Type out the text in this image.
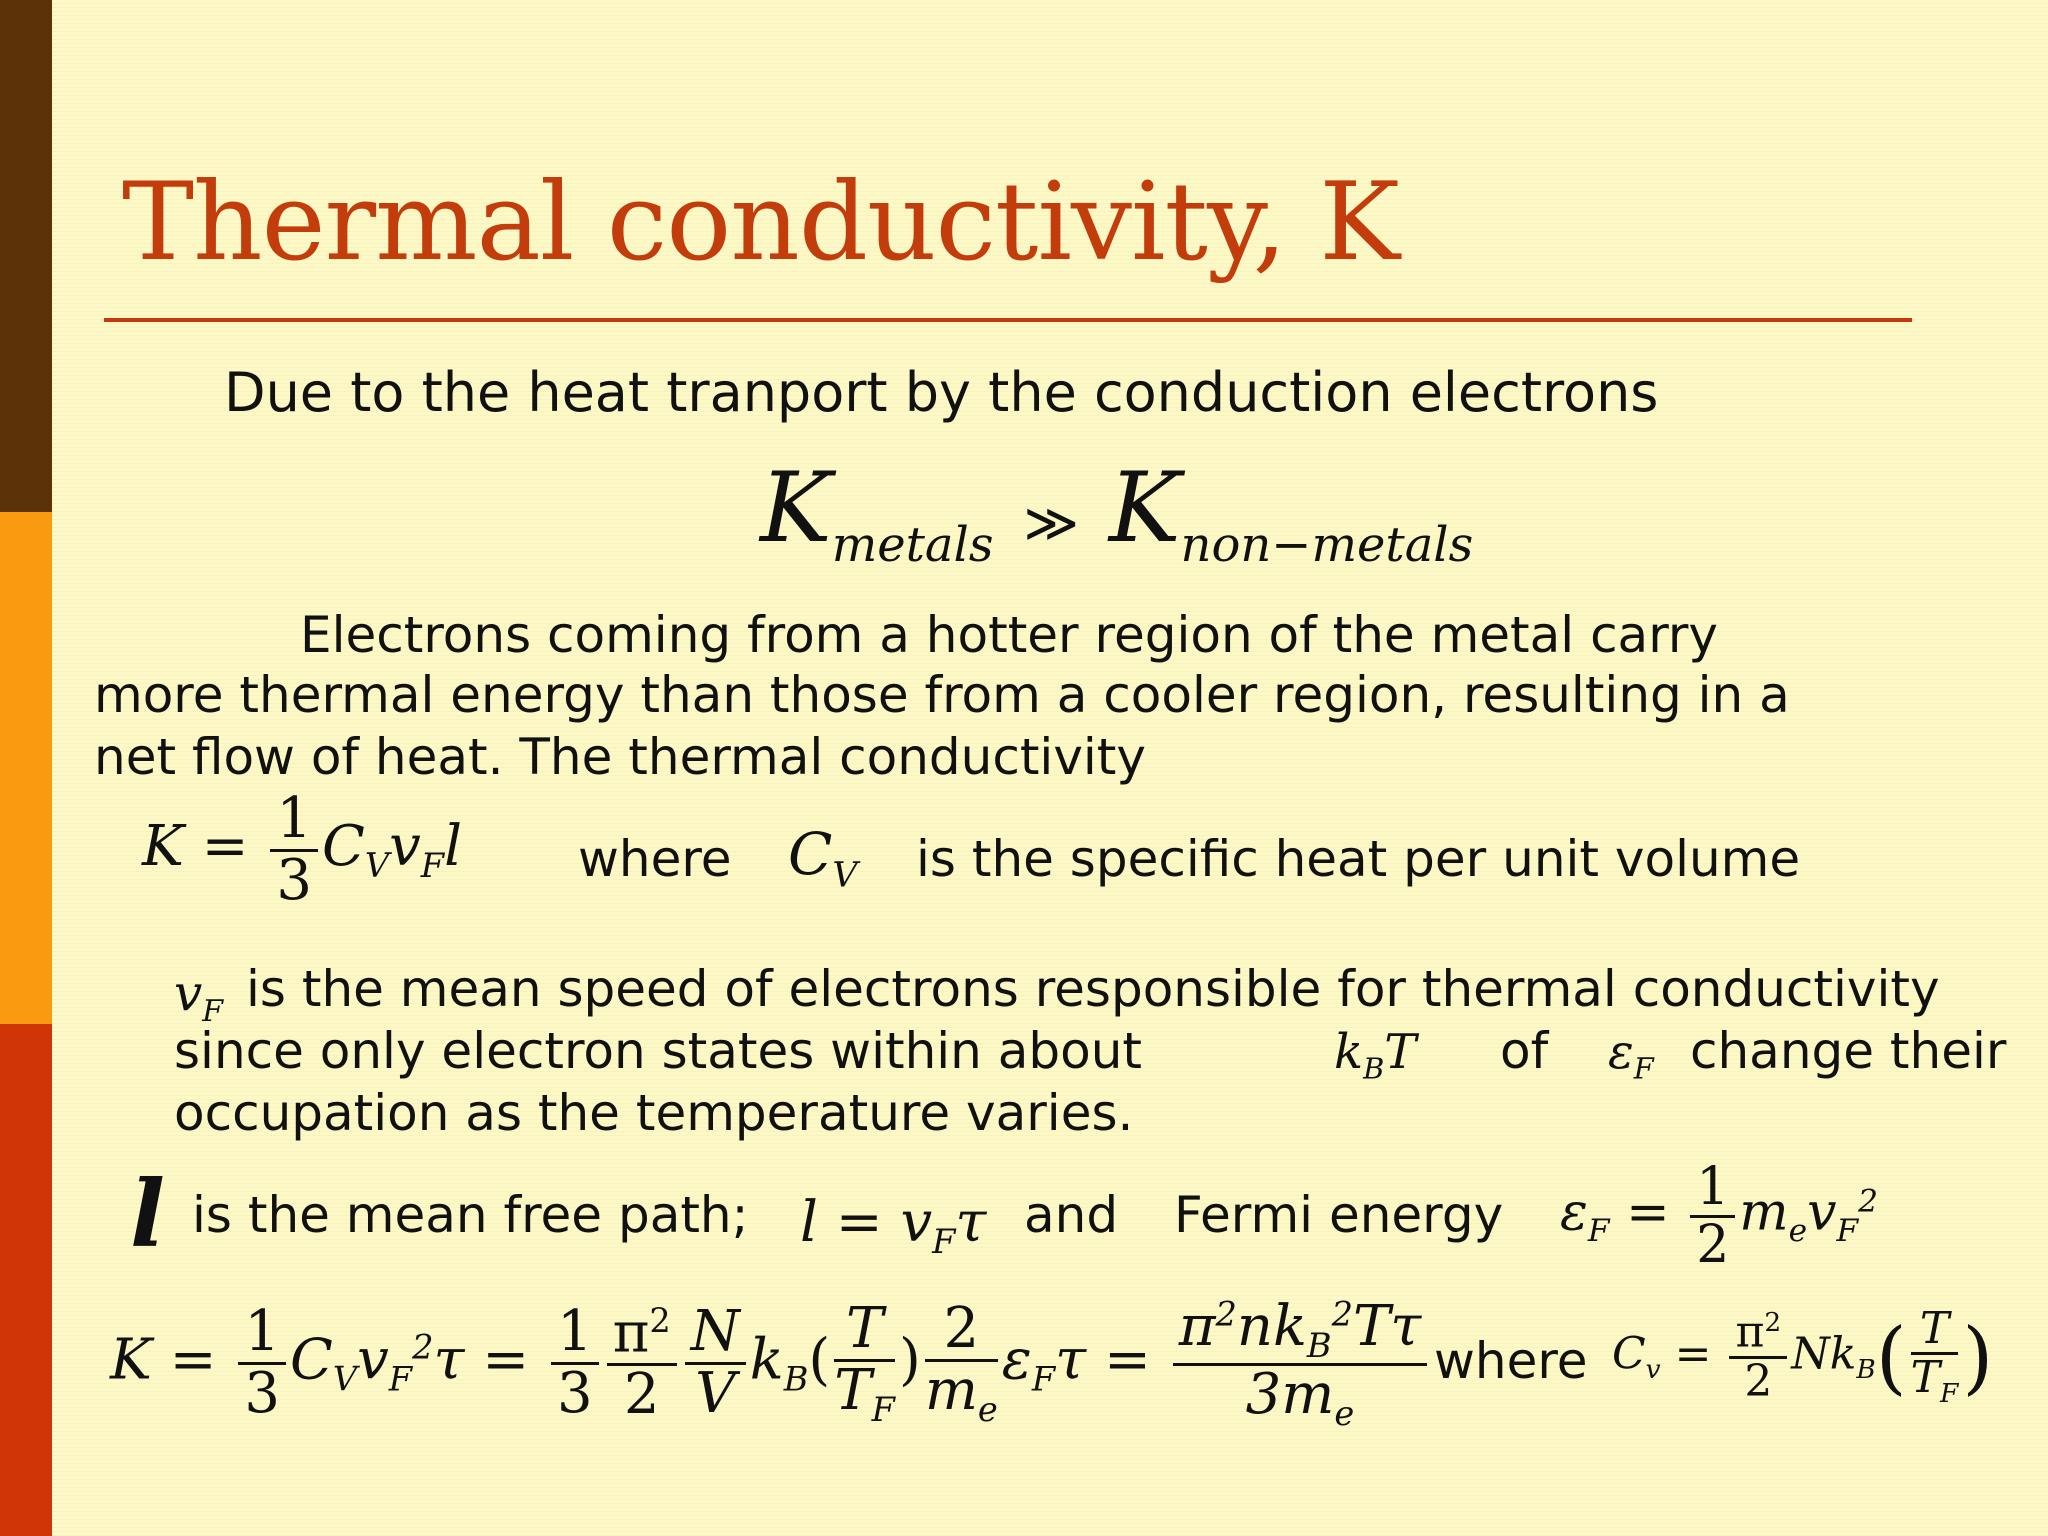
Thermal conductivity, K
Due to the heat tranport by the conduction electrons
$K_{metals}$ ≫ $K_{non-metals}$
Electrons coming from a hotter region of the metal carry
more thermal energy than those from a cooler region, resulting in a
net flow of heat. The thermal conductivity
$K = \frac{1}{3} C_Vv_Fl$ where $C_V$ is the specific heat per unit volume
$v_F$ is the mean speed of electrons responsible for thermal conductivity
since only electron states within about	$k_BT$ of $\varepsilon_F$ change their
occupation as the temperature varies.
l is the mean free path; $l = v_F\tau$ and Fermi energy $\varepsilon_F = \frac{1}{2} m_ev_F^2$
$K = \frac{1}{3} C_Vv_F^2\tau = \frac{1}{3} \frac{\pi^2}{2} \frac{N}{V} k_B( \frac{T}{T_F}$ ) $\frac{2}{m_e} \varepsilon_F\tau = \frac{\pi^2nk_B^2T\tau}{3m_e}$ where $C_v = \frac{\pi^2}{2} Nk_B( \frac{T}{T_F}$ )
